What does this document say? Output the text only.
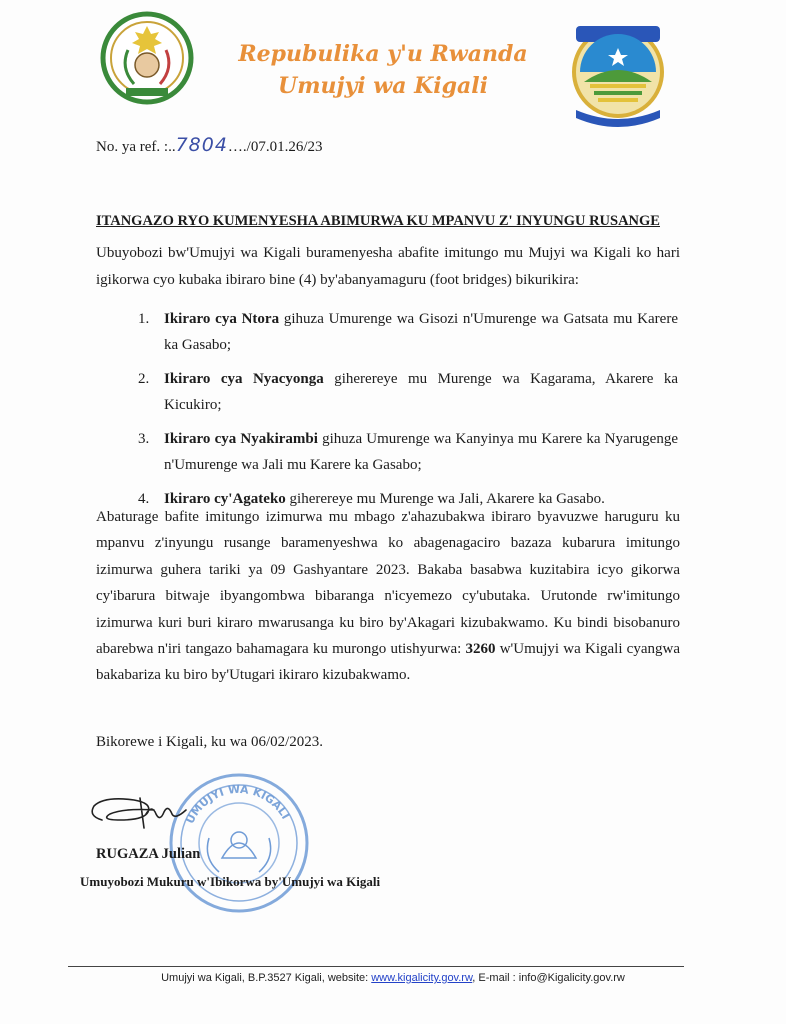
Repubulika y'u Rwanda
Umujyi wa Kigali
No. ya ref. :..7804…./07.01.26/23
ITANGAZO RYO KUMENYESHA ABIMURWA KU MPANVU Z' INYUNGU RUSANGE
Ubuyobozi bw'Umujyi wa Kigali buramenyesha abafite imitungo mu Mujyi wa Kigali ko hari igikorwa cyo kubaka ibiraro bine (4) by'abanyamaguru (foot bridges) bikurikira:
1. Ikiraro cya Ntora gihuza Umurenge wa Gisozi n'Umurenge wa Gatsata mu Karere ka Gasabo;
2. Ikiraro cya Nyacyonga giherereye mu Murenge wa Kagarama, Akarere ka Kicukiro;
3. Ikiraro cya Nyakirambi gihuza Umurenge wa Kanyinya mu Karere ka Nyarugenge n'Umurenge wa Jali mu Karere ka Gasabo;
4. Ikiraro cy'Agateko giherereye mu Murenge wa Jali, Akarere ka Gasabo.
Abaturage bafite imitungo izimurwa mu mbago z'ahazubakwa ibiraro byavuzwe haruguru ku mpanvu z'inyungu rusange baramenyeshwa ko abagenagaciro bazaza kubarura imitungo izimurwa guhera tariki ya 09 Gashyantare 2023. Bakaba basabwa kuzitabira icyo gikorwa cy'ibarura bitwaje ibyangombwa bibaranga n'icyemezo cy'ubutaka. Urutonde rw'imitungo izimurwa kuri buri kiraro mwarusanga ku biro by'Akagari kizubakwamo. Ku bindi bisobanuro abarebwa n'iri tangazo bahamagara ku murongo utishyurwa: 3260 w'Umujyi wa Kigali cyangwa bakabariza ku biro by'Utugari ikiraro kizubakwamo.
Bikorewe i Kigali, ku wa 06/02/2023.
UMUJYI WA KIGALI
RUGAZA Julian
Umuyobozi Mukuru w'Ibikorwa by'Umujyi wa Kigali
Umujyi wa Kigali, B.P.3527 Kigali, website: www.kigalicity.gov.rw, E-mail : info@Kigalicity.gov.rw
